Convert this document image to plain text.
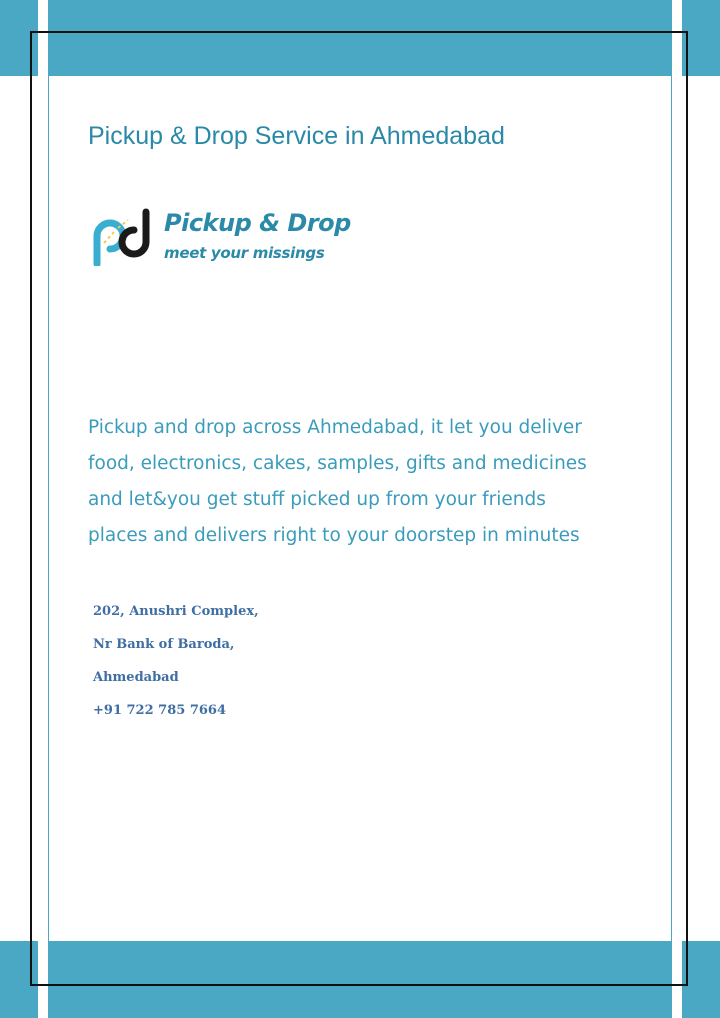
Pickup & Drop Service in Ahmedabad
Pickup & Drop
meet your missings

Pickup and drop across Ahmedabad, it let you deliver
food, electronics, cakes, samples, gifts and medicines
and let&you get stuff picked up from your friends
places and delivers right to your doorstep in minutes

202, Anushri Complex,

Nr Bank of Baroda,

Ahmedabad

+91 722 785 7664
